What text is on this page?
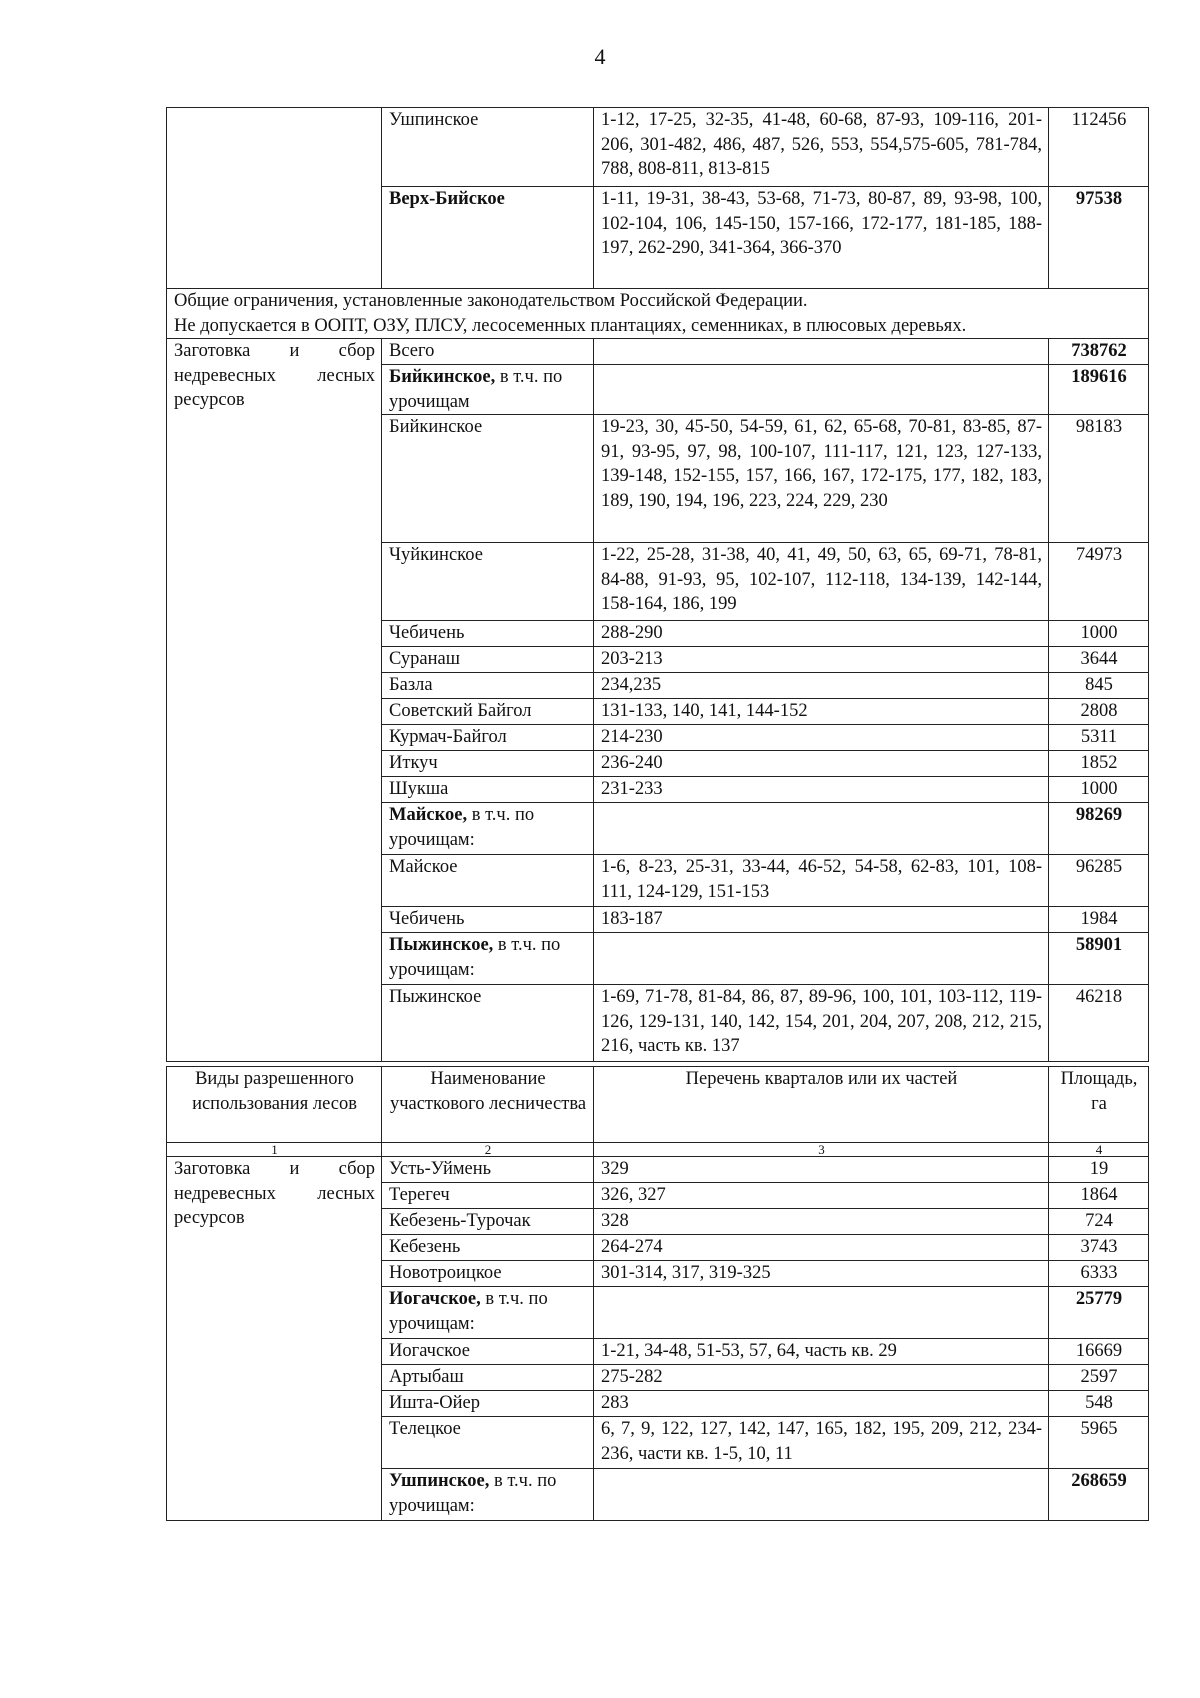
4
	Ушпинское	1-12, 17-25, 32-35, 41-48, 60-68, 87-93, 109-116, 201-206, 301-482, 486, 487, 526, 553, 554,575-605, 781-784, 788, 808-811, 813-815	112456
	Верх-Бийское	1-11, 19-31, 38-43, 53-68, 71-73, 80-87, 89, 93-98, 100, 102-104, 106, 145-150, 157-166, 172-177, 181-185, 188-197, 262-290, 341-364, 366-370	97538

Общие ограничения, установленные законодательством Российской Федерации.
Не допускается в ООПТ, ОЗУ, ПЛСУ, лесосеменных плантациях, семенниках, в плюсовых деревьях.			

Заготовка и сбор недревесных лесных ресурсов	Всего		738762
	Бийкинское, в т.ч. по урочищам		189616
	Бийкинское	19-23, 30, 45-50, 54-59, 61, 62, 65-68, 70-81, 83-85, 87-91, 93-95, 97, 98, 100-107, 111-117, 121, 123, 127-133, 139-148, 152-155, 157, 166, 167, 172-175, 177, 182, 183, 189, 190, 194, 196, 223, 224, 229, 230	98183
	Чуйкинское	1-22, 25-28, 31-38, 40, 41, 49, 50, 63, 65, 69-71, 78-81, 84-88, 91-93, 95, 102-107, 112-118, 134-139, 142-144, 158-164, 186, 199	74973
	Чебичень	288-290	1000
	Суранаш	203-213	3644
	Базла	234,235	845
	Советский Байгол	131-133, 140, 141, 144-152	2808
	Курмач-Байгол	214-230	5311
	Иткуч	236-240	1852
	Шукша	231-233	1000
	Майское, в т.ч. по урочищам:		98269
	Майское	1-6, 8-23, 25-31, 33-44, 46-52, 54-58, 62-83, 101, 108-111, 124-129, 151-153	96285
	Чебичень	183-187	1984
	Пыжинское, в т.ч. по урочищам:		58901
	Пыжинское	1-69, 71-78, 81-84, 86, 87, 89-96, 100, 101, 103-112, 119-126, 129-131, 140, 142, 154, 201, 204, 207, 208, 212, 215, 216, часть кв. 137	46218
Виды разрешенного использования лесов	Наименование участкового лесничества	Перечень кварталов или их частей	Площадь, га
1	2	3	4
Заготовка и сбор недревесных лесных ресурсов	Усть-Уймень	329	19
	Терегеч	326, 327	1864
	Кебезень-Турочак	328	724
	Кебезень	264-274	3743
	Новотроицкое	301-314, 317, 319-325	6333
	Иогачское, в т.ч. по урочищам:		25779
	Иогачское	1-21, 34-48, 51-53, 57, 64, часть кв. 29	16669
	Артыбаш	275-282	2597
	Ишта-Ойер	283	548
	Телецкое	6, 7, 9, 122, 127, 142, 147, 165, 182, 195, 209, 212, 234-236, части кв. 1-5, 10, 11	5965
	Ушпинское, в т.ч. по урочищам:		268659
